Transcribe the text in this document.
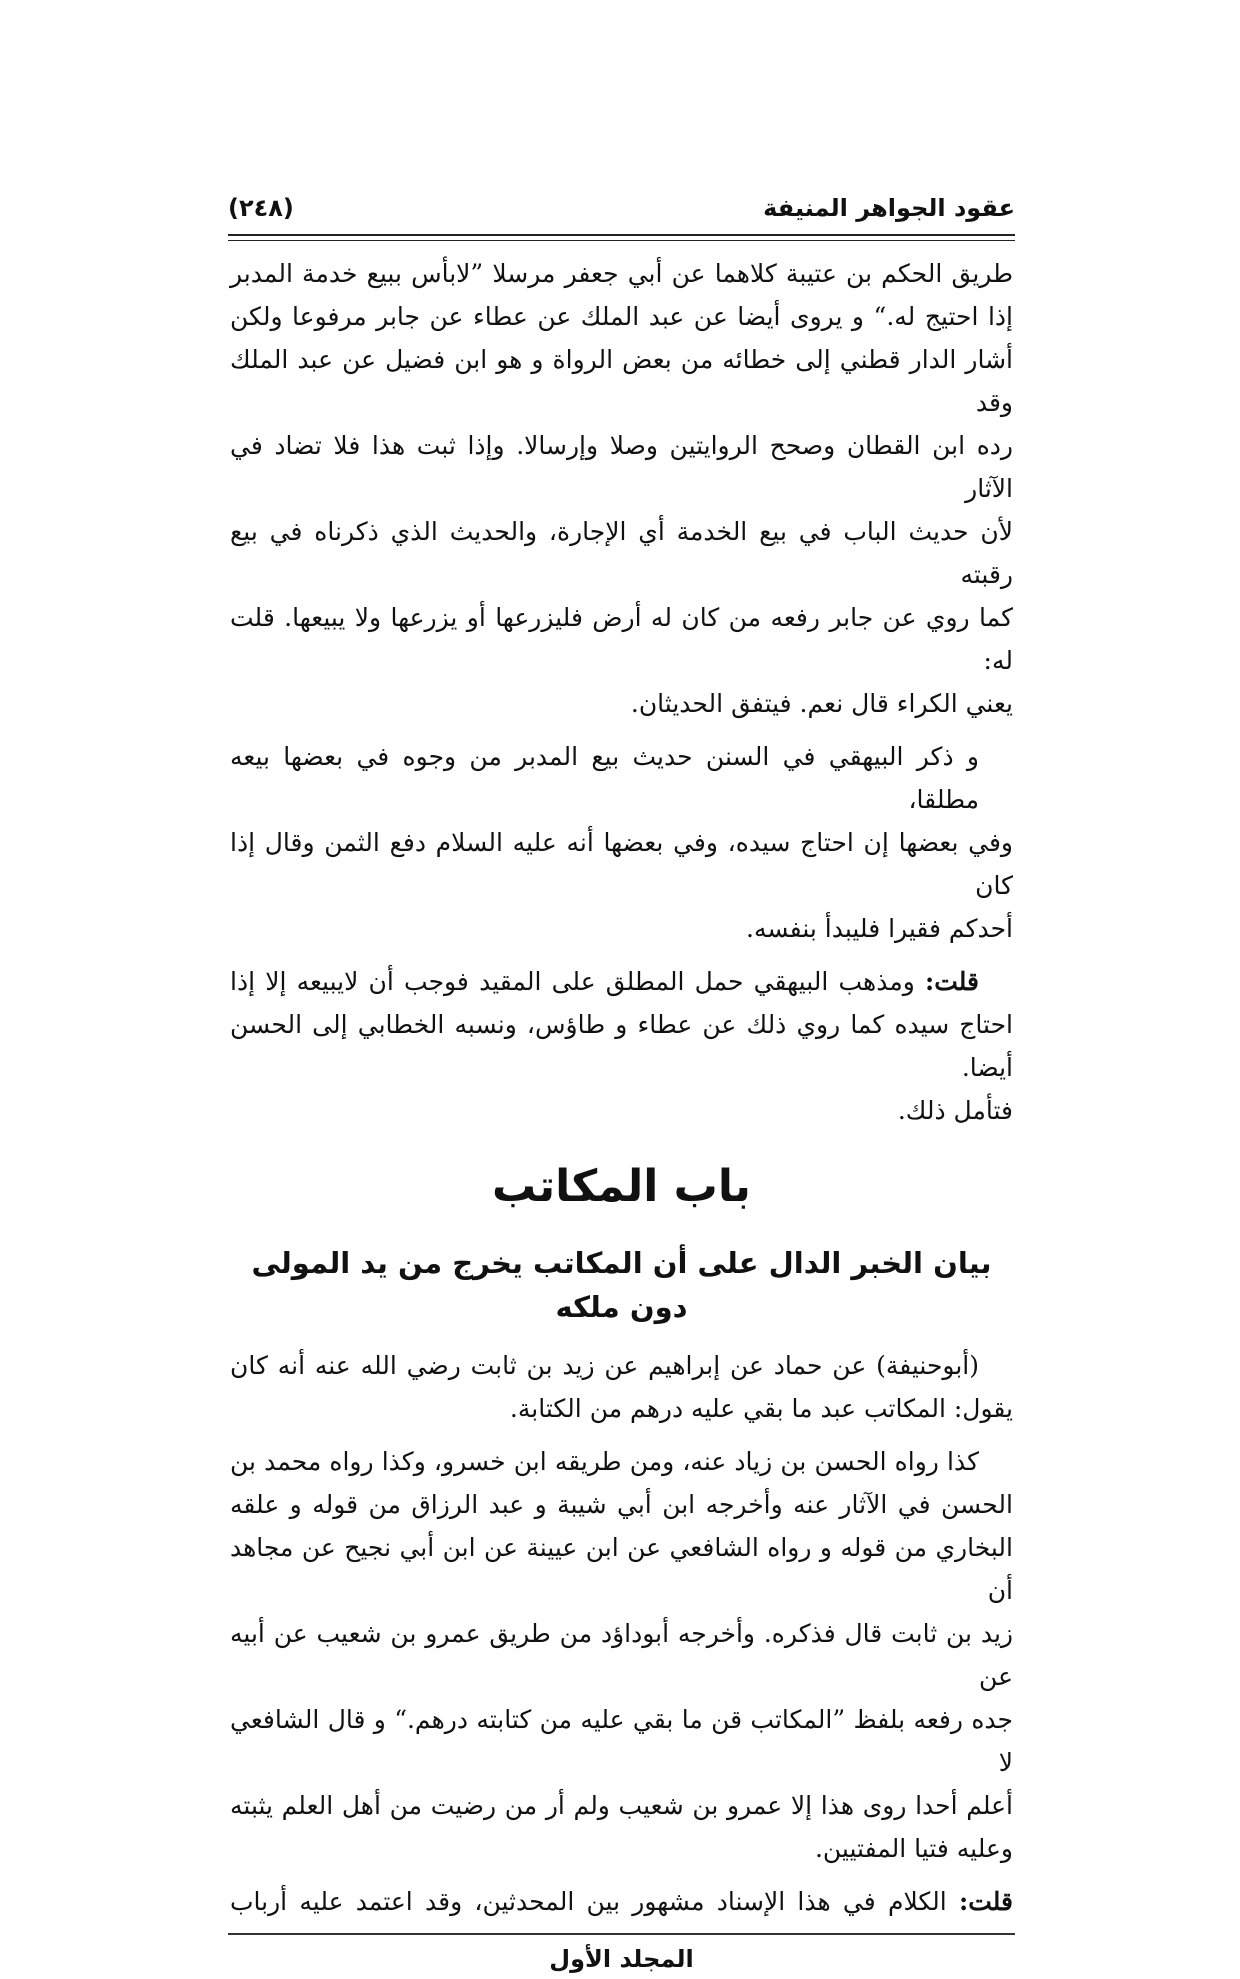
عقود الجواهر المنيفة
(٢٤٨)
طريق الحكم بن عتيبة كلاهما عن أبي جعفر مرسلا ”لابأس ببيع خدمة المدبر
إذا احتيج له.“ و يروى أيضا عن عبد الملك عن عطاء عن جابر مرفوعا ولكن
أشار الدار قطني إلى خطائه من بعض الرواة و هو ابن فضيل عن عبد الملك وقد
رده ابن القطان وصحح الروايتين وصلا وإرسالا. وإذا ثبت هذا فلا تضاد في الآثار
لأن حديث الباب في بيع الخدمة أي الإجارة، والحديث الذي ذكرناه في بيع رقبته
كما روي عن جابر رفعه من كان له أرض فليزرعها أو يزرعها ولا يبيعها. قلت له:
يعني الكراء قال نعم. فيتفق الحديثان.
و ذكر البيهقي في السنن حديث بيع المدبر من وجوه في بعضها بيعه مطلقا،
وفي بعضها إن احتاج سيده، وفي بعضها أنه عليه السلام دفع الثمن وقال إذا كان
أحدكم فقيرا فليبدأ بنفسه.
قلت: ومذهب البيهقي حمل المطلق على المقيد فوجب أن لايبيعه إلا إذا
احتاج سيده كما روي ذلك عن عطاء و طاؤس، ونسبه الخطابي إلى الحسن أيضا.
فتأمل ذلك.
باب المكاتب
بيان الخبر الدال على أن المكاتب يخرج من يد المولى دون ملكه
(أبوحنيفة) عن حماد عن إبراهيم عن زيد بن ثابت رضي الله عنه أنه كان
يقول: المكاتب عبد ما بقي عليه درهم من الكتابة.
كذا رواه الحسن بن زياد عنه، ومن طريقه ابن خسرو، وكذا رواه محمد بن
الحسن في الآثار عنه وأخرجه ابن أبي شيبة و عبد الرزاق من قوله و علقه
البخاري من قوله و رواه الشافعي عن ابن عيينة عن ابن أبي نجيح عن مجاهد أن
زيد بن ثابت قال فذكره. وأخرجه أبوداؤد من طريق عمرو بن شعيب عن أبيه عن
جده رفعه بلفظ ”المكاتب قن ما بقي عليه من كتابته درهم.“ و قال الشافعي لا
أعلم أحدا روى هذا إلا عمرو بن شعيب ولم أر من رضيت من أهل العلم يثبته
وعليه فتيا المفتيين.
قلت: الكلام في هذا الإسناد مشهور بين المحدثين، وقد اعتمد عليه أرباب
المجلد الأول
